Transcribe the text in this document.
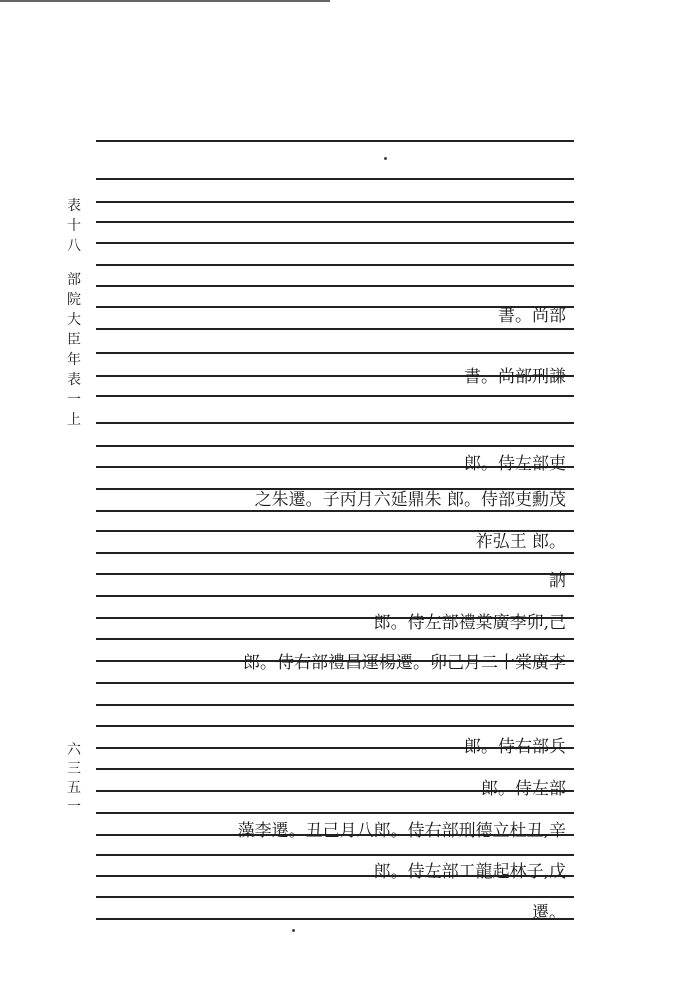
表
十
八
部
院
大
臣
年
表
一
上
六
三
五
一
書。尚部
書。尚部刑謙
郎。侍左部吏
之朱遷。子丙月六延鼎朱 郎。侍部吏勳茂
祚弘王 郎。
訥
郎。侍左部禮棠廣李卯,己
郎。侍右部禮昌運楊遷。卯己月二十棠廣李
郎。侍右部兵
郎。侍左部
藻李遷。丑己月八郎。侍右部刑德立杜丑,辛
郎。侍左部工龍起林子,戊
遷。
